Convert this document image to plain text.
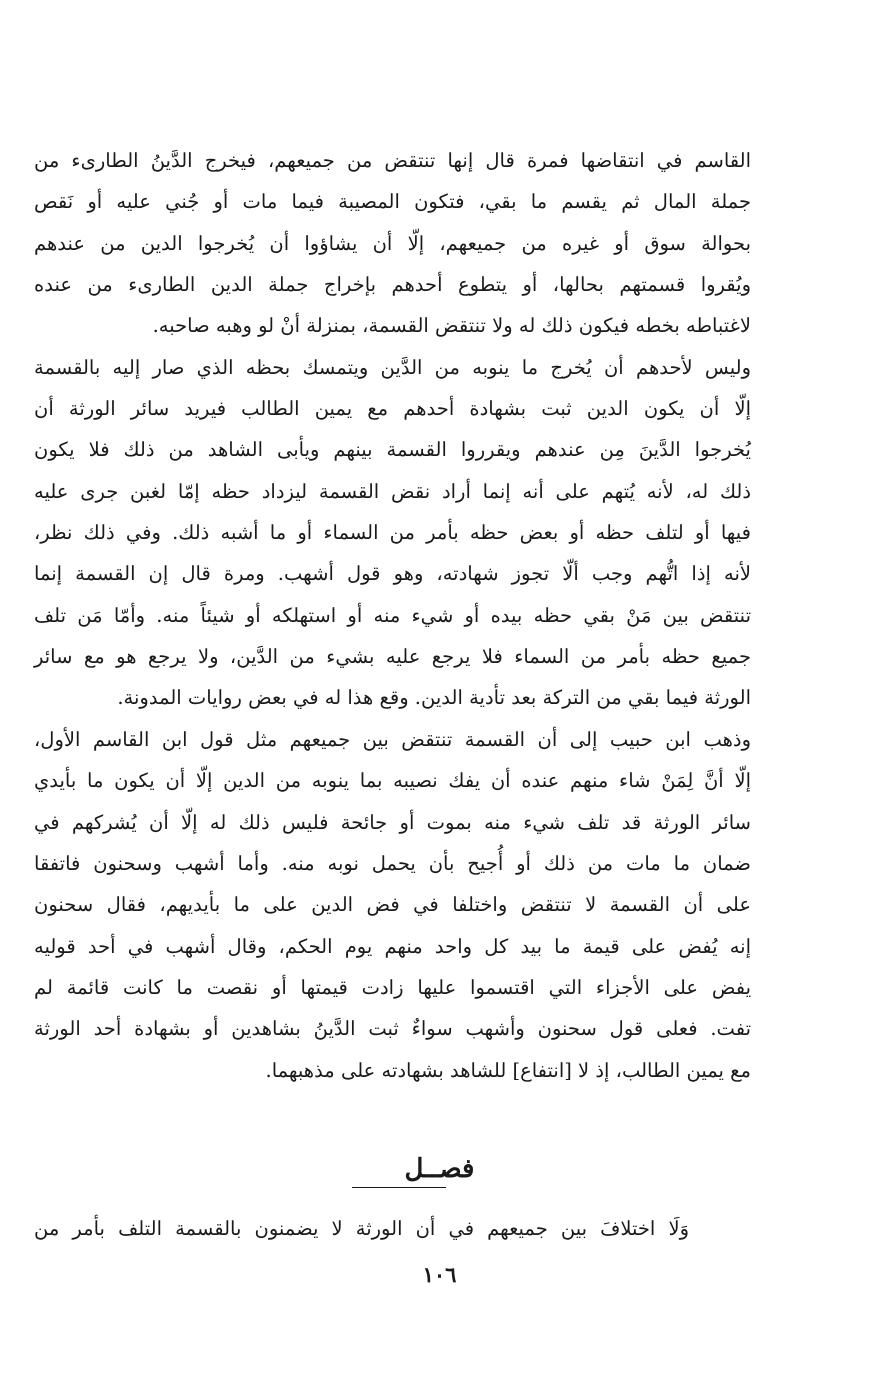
القاسم في انتقاضها فمرة قال إنها تنتقض من جميعهم، فيخرج الدَّينُ الطارىء من
جملة المال ثم يقسم ما بقي، فتكون المصيبة فيما مات أو جُني عليه أو نَقص
بحوالة سوق أو غيره من جميعهم، إلّا أن يشاؤوا أن يُخرجوا الدين من عندهم
ويُقروا قسمتهم بحالها، أو يتطوع أحدهم بإخراج جملة الدين الطارىء من عنده
لاغتباطه بخطه فيكون ذلك له ولا تنتقض القسمة، بمنزلة أنْ لو وهبه صاحبه.
وليس لأحدهم أن يُخرج ما ينوبه من الدَّين ويتمسك بحظه الذي صار إليه بالقسمة
إلّا أن يكون الدين ثبت بشهادة أحدهم مع يمين الطالب فيريد سائر الورثة أن
يُخرجوا الدَّينَ مِن عندهم ويقرروا القسمة بينهم ويأبى الشاهد من ذلك فلا يكون
ذلك له، لأنه يُتهم على أنه إنما أراد نقض القسمة ليزداد حظه إمّا لغبن جرى عليه
فيها أو لتلف حظه أو بعض حظه بأمر من السماء أو ما أشبه ذلك. وفي ذلك نظر،
لأنه إذا اتُّهم وجب ألّا تجوز شهادته، وهو قول أشهب. ومرة قال إن القسمة إنما
تنتقض بين مَنْ بقي حظه بيده أو شيء منه أو استهلكه أو شيئاً منه. وأمّا مَن تلف
جميع حظه بأمر من السماء فلا يرجع عليه بشيء من الدَّين، ولا يرجع هو مع سائر
الورثة فيما بقي من التركة بعد تأدية الدين. وقع هذا له في بعض روايات المدونة.
وذهب ابن حبيب إلى أن القسمة تنتقض بين جميعهم مثل قول ابن القاسم الأول،
إلّا أنَّ لِمَنْ شاء منهم عنده أن يفك نصيبه بما ينوبه من الدين إلّا أن يكون ما بأيدي
سائر الورثة قد تلف شيء منه بموت أو جائحة فليس ذلك له إلّا أن يُشركهم في
ضمان ما مات من ذلك أو أُجيح بأن يحمل نوبه منه. وأما أشهب وسحنون فاتفقا
على أن القسمة لا تنتقض واختلفا في فض الدين على ما بأيديهم، فقال سحنون
إنه يُفض على قيمة ما بيد كل واحد منهم يوم الحكم، وقال أشهب في أحد قوليه
يفض على الأجزاء التي اقتسموا عليها زادت قيمتها أو نقصت ما كانت قائمة لم
تفت. فعلى قول سحنون وأشهب سواءٌ ثبت الدَّينُ بشاهدين أو بشهادة أحد الورثة
مع يمين الطالب، إذ لا [انتفاع] للشاهد بشهادته على مذهبهما.
فصــل
وَلَا اختلافَ بين جميعهم في أن الورثة لا يضمنون بالقسمة التلف بأمر من
١٠٦
